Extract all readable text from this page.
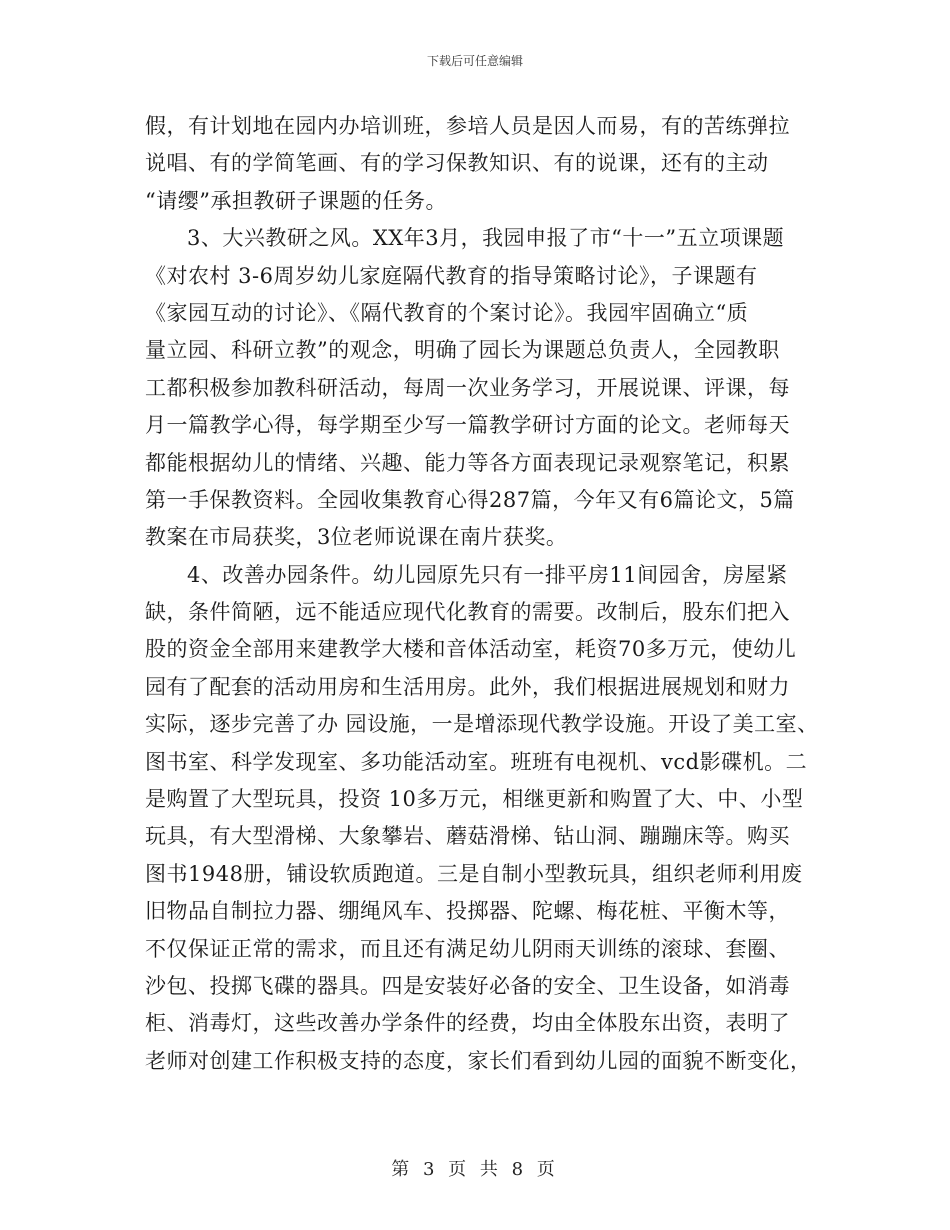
下载后可任意编辑
假，有计划地在园内办培训班，参培人员是因人而易，有的苦练弹拉
说唱、有的学简笔画、有的学习保教知识、有的说课，还有的主动
“请缨”承担教研子课题的任务。
3、大兴教研之风。XX年3月，我园申报了市“十一”五立项课题
《对农村 3-6周岁幼儿家庭隔代教育的指导策略讨论》，子课题有
《家园互动的讨论》、《隔代教育的个案讨论》。我园牢固确立“质
量立园、科研立教”的观念，明确了园长为课题总负责人，全园教职
工都积极参加教科研活动，每周一次业务学习，开展说课、评课，每
月一篇教学心得，每学期至少写一篇教学研讨方面的论文。老师每天
都能根据幼儿的情绪、兴趣、能力等各方面表现记录观察笔记，积累
第一手保教资料。全园收集教育心得287篇，今年又有6篇论文，5篇
教案在市局获奖，3位老师说课在南片获奖。
4、改善办园条件。幼儿园原先只有一排平房11间园舍，房屋紧
缺，条件简陋，远不能适应现代化教育的需要。改制后，股东们把入
股的资金全部用来建教学大楼和音体活动室，耗资70多万元，使幼儿
园有了配套的活动用房和生活用房。此外，我们根据进展规划和财力
实际，逐步完善了办 园设施，一是增添现代教学设施。开设了美工室、
图书室、科学发现室、多功能活动室。班班有电视机、vcd影碟机。二
是购置了大型玩具，投资 10多万元，相继更新和购置了大、中、小型
玩具，有大型滑梯、大象攀岩、蘑菇滑梯、钻山洞、蹦蹦床等。购买
图书1948册，铺设软质跑道。三是自制小型教玩具，组织老师利用废
旧物品自制拉力器、绷绳风车、投掷器、陀螺、梅花桩、平衡木等，
不仅保证正常的需求，而且还有满足幼儿阴雨天训练的滚球、套圈、
沙包、投掷飞碟的器具。四是安装好必备的安全、卫生设备，如消毒
柜、消毒灯，这些改善办学条件的经费，均由全体股东出资，表明了
老师对创建工作积极支持的态度，家长们看到幼儿园的面貌不断变化，
第 3 页 共 8 页
